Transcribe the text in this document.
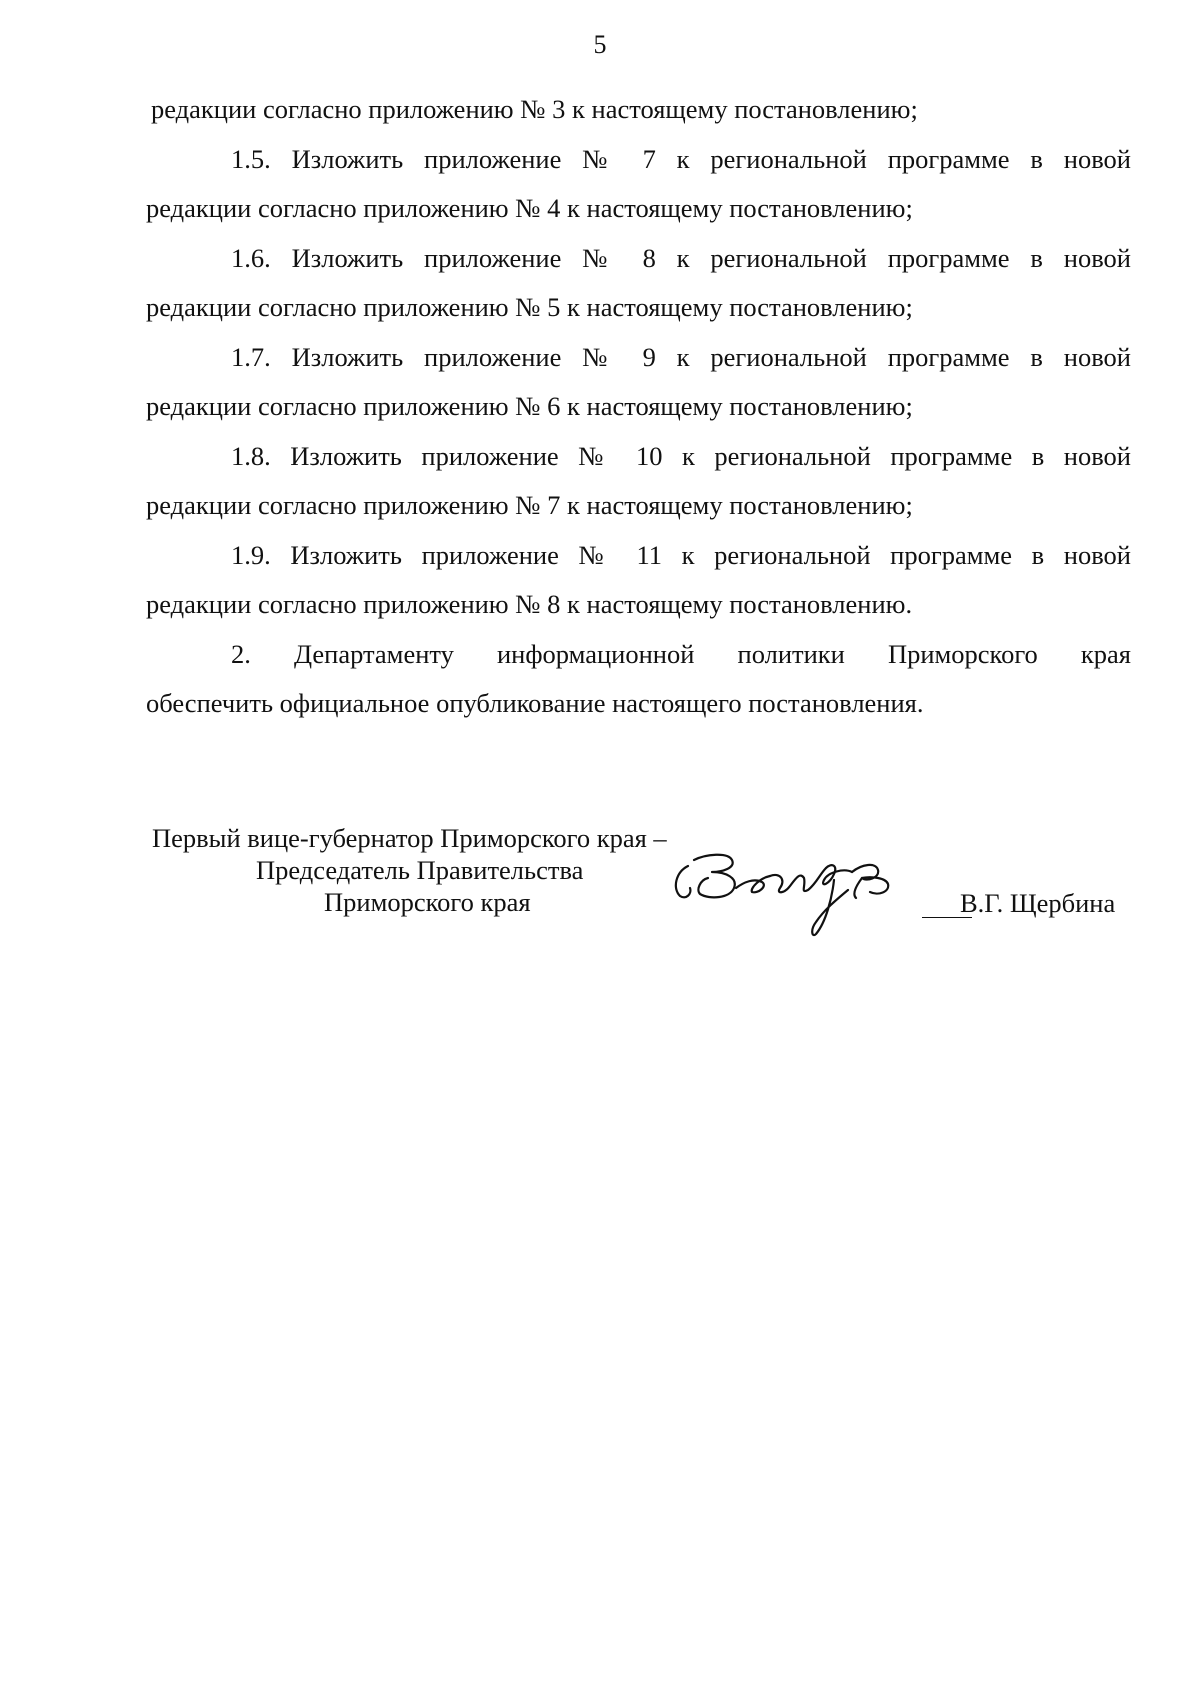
5
редакции согласно приложению № 3 к настоящему постановлению;
1.5. Изложить приложение № 7 к региональной программе в новой
редакции согласно приложению № 4 к настоящему постановлению;
1.6. Изложить приложение № 8 к региональной программе в новой
редакции согласно приложению № 5 к настоящему постановлению;
1.7. Изложить приложение № 9 к региональной программе в новой
редакции согласно приложению № 6 к настоящему постановлению;
1.8. Изложить приложение № 10 к региональной программе в новой
редакции согласно приложению № 7 к настоящему постановлению;
1.9. Изложить приложение № 11 к региональной программе в новой
редакции согласно приложению № 8 к настоящему постановлению.
2. Департаменту информационной политики Приморского края
обеспечить официальное опубликование настоящего постановления.
Первый вице-губернатор Приморского края –
Председатель Правительства
Приморского края	В.Г. Щербина
